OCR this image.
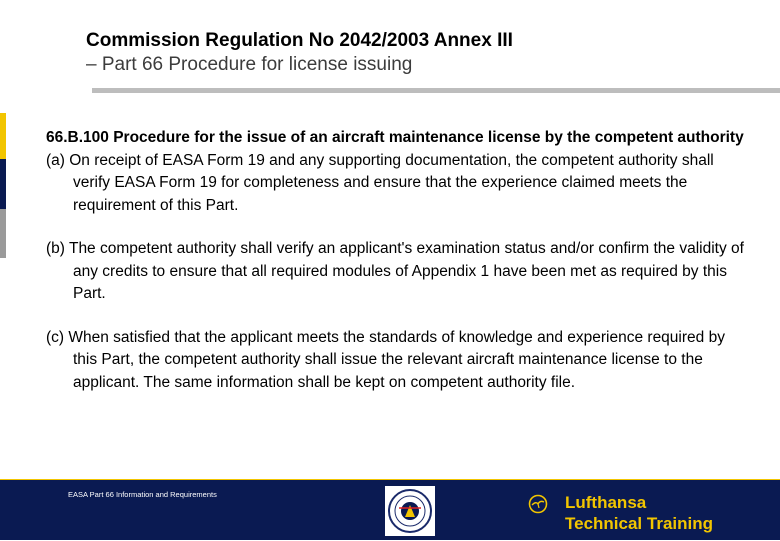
Commission Regulation No 2042/2003 Annex III
– Part 66 Procedure for license issuing

66.B.100 Procedure for the issue of an aircraft maintenance license by the competent authority

(a) On receipt of EASA Form 19 and any supporting documentation, the competent authority shall verify EASA Form 19 for completeness and ensure that the experience claimed meets the requirement of this Part.

(b) The competent authority shall verify an applicant's examination status and/or confirm the validity of any credits to ensure that all required modules of Appendix 1 have been met as required by this Part.

(c) When satisfied that the applicant meets the standards of knowledge and experience required by this Part, the competent authority shall issue the relevant aircraft maintenance license to the applicant. The same information shall be kept on competent authority file.

EASA Part 66 Information and Requirements	Lufthansa
Technical Training
